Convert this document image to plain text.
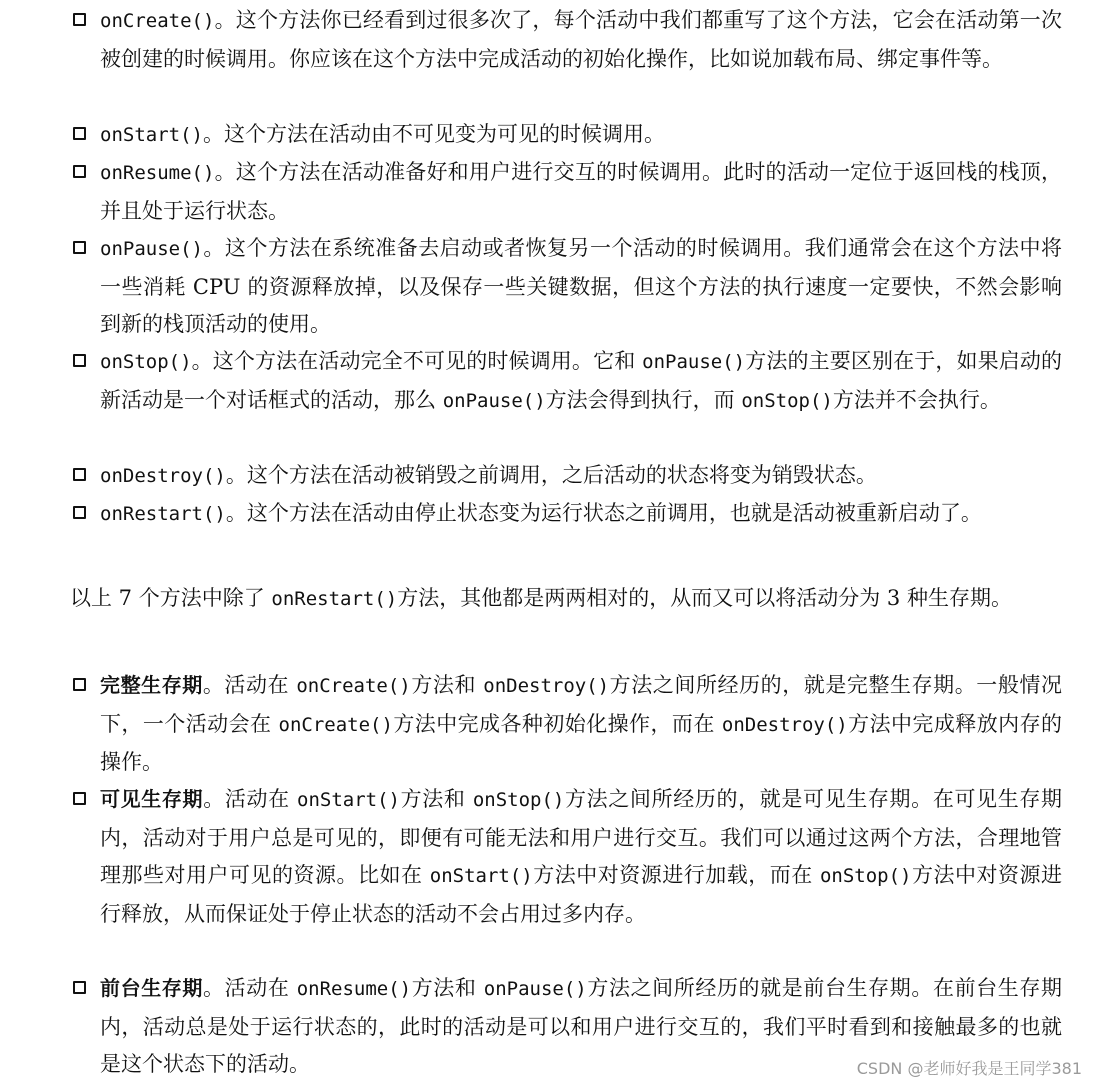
onCreate()。这个方法你已经看到过很多次了，每个活动中我们都重写了这个方法，它会在活动第一次被创建的时候调用。你应该在这个方法中完成活动的初始化操作，比如说加载布局、绑定事件等。
onStart()。这个方法在活动由不可见变为可见的时候调用。
onResume()。这个方法在活动准备好和用户进行交互的时候调用。此时的活动一定位于返回栈的栈顶，并且处于运行状态。
onPause()。这个方法在系统准备去启动或者恢复另一个活动的时候调用。我们通常会在这个方法中将一些消耗 CPU 的资源释放掉，以及保存一些关键数据，但这个方法的执行速度一定要快，不然会影响到新的栈顶活动的使用。
onStop()。这个方法在活动完全不可见的时候调用。它和 onPause()方法的主要区别在于，如果启动的新活动是一个对话框式的活动，那么 onPause()方法会得到执行，而 onStop()方法并不会执行。
onDestroy()。这个方法在活动被销毁之前调用，之后活动的状态将变为销毁状态。
onRestart()。这个方法在活动由停止状态变为运行状态之前调用，也就是活动被重新启动了。
以上 7 个方法中除了 onRestart()方法，其他都是两两相对的，从而又可以将活动分为 3 种生存期。
完整生存期。活动在 onCreate()方法和 onDestroy()方法之间所经历的，就是完整生存期。一般情况下，一个活动会在 onCreate()方法中完成各种初始化操作，而在 onDestroy()方法中完成释放内存的操作。
可见生存期。活动在 onStart()方法和 onStop()方法之间所经历的，就是可见生存期。在可见生存期内，活动对于用户总是可见的，即便有可能无法和用户进行交互。我们可以通过这两个方法，合理地管理那些对用户可见的资源。比如在 onStart()方法中对资源进行加载，而在 onStop()方法中对资源进行释放，从而保证处于停止状态的活动不会占用过多内存。
前台生存期。活动在 onResume()方法和 onPause()方法之间所经历的就是前台生存期。在前台生存期内，活动总是处于运行状态的，此时的活动是可以和用户进行交互的，我们平时看到和接触最多的也就是这个状态下的活动。	CSDN @老师好我是王同学381
